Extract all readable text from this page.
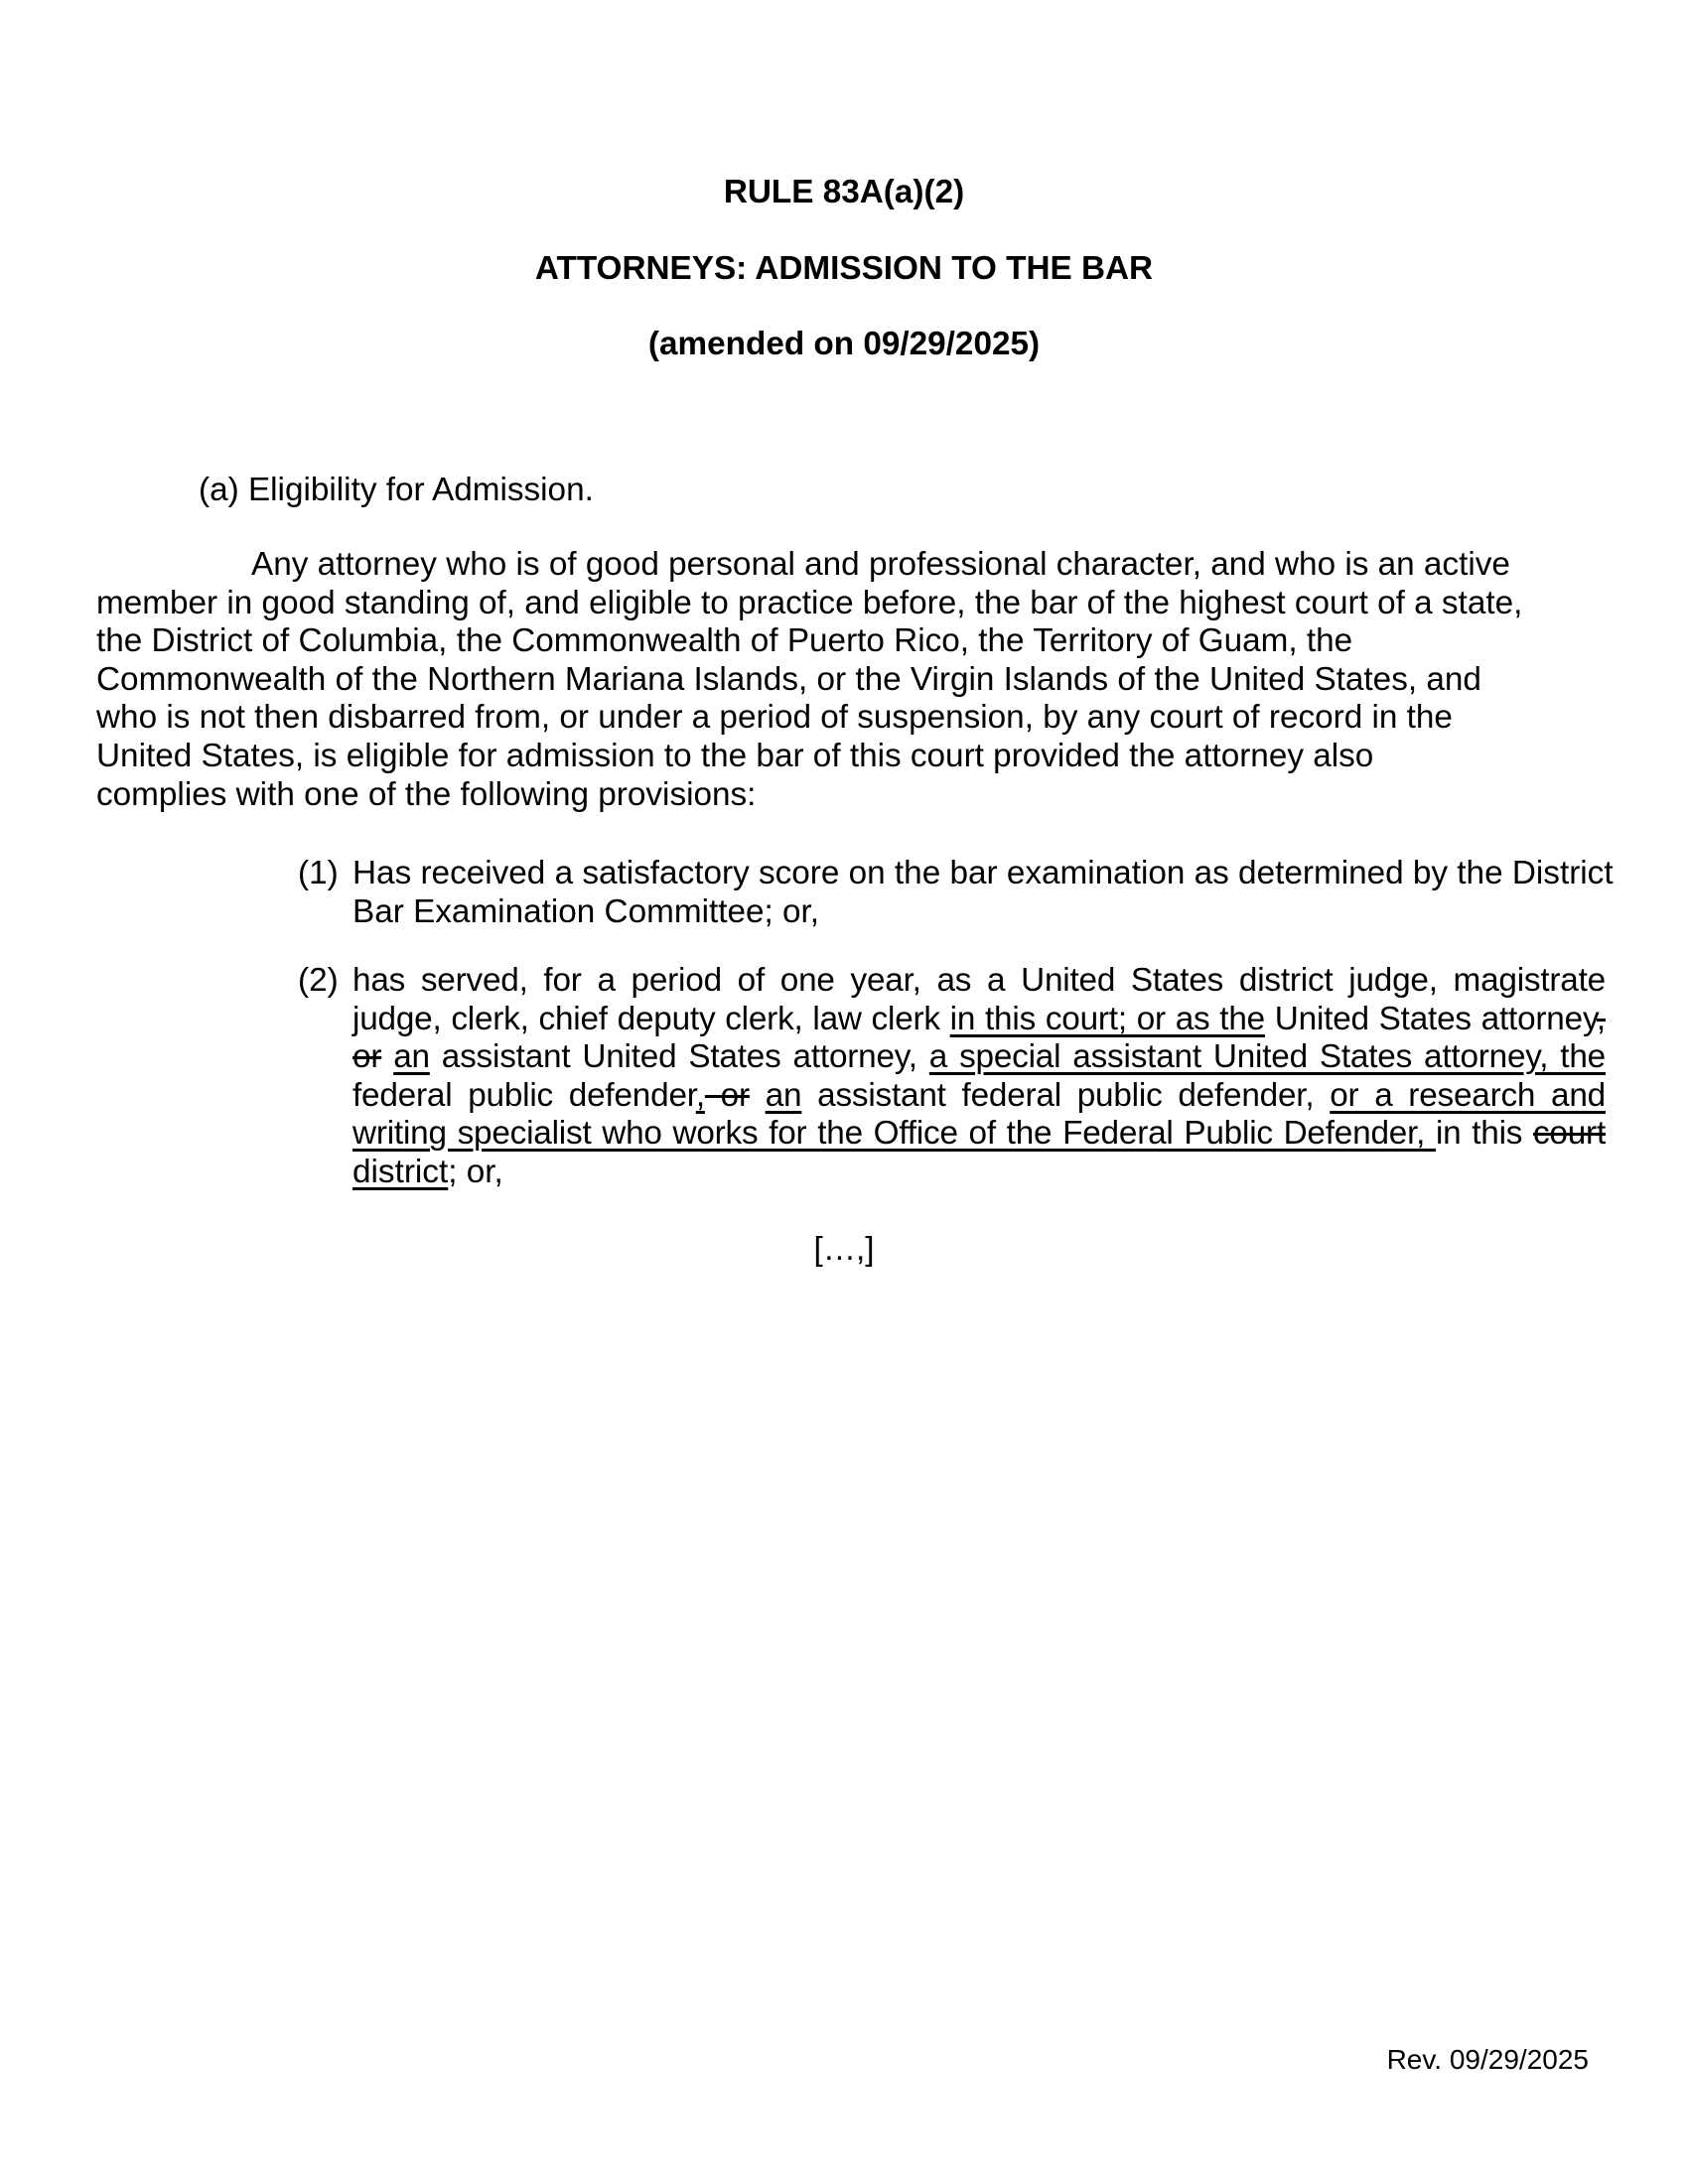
RULE 83A(a)(2)
ATTORNEYS: ADMISSION TO THE BAR
(amended on 09/29/2025)
(a) Eligibility for Admission.
Any attorney who is of good personal and professional character, and who is an active
member in good standing of, and eligible to practice before, the bar of the highest court of a state,
the District of Columbia, the Commonwealth of Puerto Rico, the Territory of Guam, the
Commonwealth of the Northern Mariana Islands, or the Virgin Islands of the United States, and
who is not then disbarred from, or under a period of suspension, by any court of record in the
United States, is eligible for admission to the bar of this court provided the attorney also
complies with one of the following provisions:
(1) Has received a satisfactory score on the bar examination as determined by the District
Bar Examination Committee; or,
(2) has served, for a period of one year, as a United States district judge, magistrate
judge, clerk, chief deputy clerk, law clerk in this court; or as the United States attorney,
or an assistant United States attorney, a special assistant United States attorney, the
federal public defender, or an assistant federal public defender, or a research and
writing specialist who works for the Office of the Federal Public Defender, in this court
district; or,
[…,]
Rev. 09/29/2025
